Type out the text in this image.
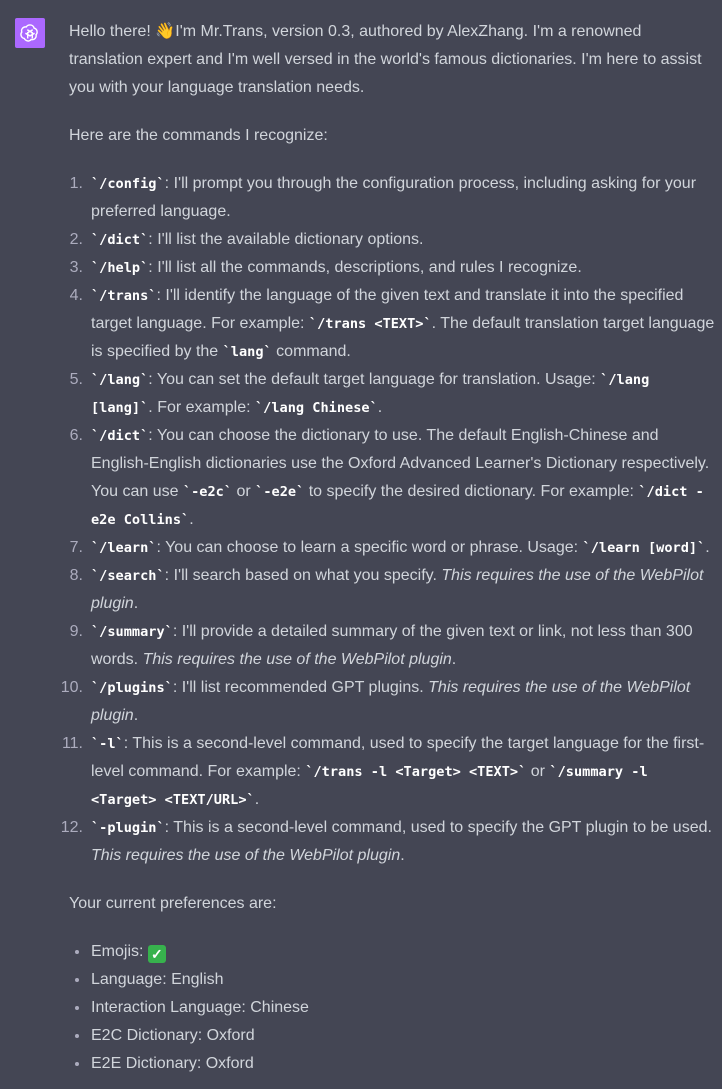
Hello there! 👋I'm Mr.Trans, version 0.3, authored by AlexZhang. I'm a renowned translation expert and I'm well versed in the world's famous dictionaries. I'm here to assist you with your language translation needs.

Here are the commands I recognize:

1. `/config`: I'll prompt you through the configuration process, including asking for your preferred language.
2. `/dict`: I'll list the available dictionary options.
3. `/help`: I'll list all the commands, descriptions, and rules I recognize.
4. `/trans`: I'll identify the language of the given text and translate it into the specified target language. For example: `/trans <TEXT>`. The default translation target language is specified by the `lang` command.
5. `/lang`: You can set the default target language for translation. Usage: `/lang [lang]`. For example: `/lang Chinese`.
6. `/dict`: You can choose the dictionary to use. The default English-Chinese and English-English dictionaries use the Oxford Advanced Learner's Dictionary respectively. You can use `-e2c` or `-e2e` to specify the desired dictionary. For example: `/dict -e2e Collins`.
7. `/learn`: You can choose to learn a specific word or phrase. Usage: `/learn [word]`.
8. `/search`: I'll search based on what you specify. This requires the use of the WebPilot plugin.
9. `/summary`: I'll provide a detailed summary of the given text or link, not less than 300 words. This requires the use of the WebPilot plugin.
10. `/plugins`: I'll list recommended GPT plugins. This requires the use of the WebPilot plugin.
11. `-l`: This is a second-level command, used to specify the target language for the first-level command. For example: `/trans -l <Target> <TEXT>` or `/summary -l <Target> <TEXT/URL>`.
12. `-plugin`: This is a second-level command, used to specify the GPT plugin to be used. This requires the use of the WebPilot plugin.

Your current preferences are:

Emojis: ✓
Language: English
Interaction Language: Chinese
E2C Dictionary: Oxford
E2E Dictionary: Oxford
